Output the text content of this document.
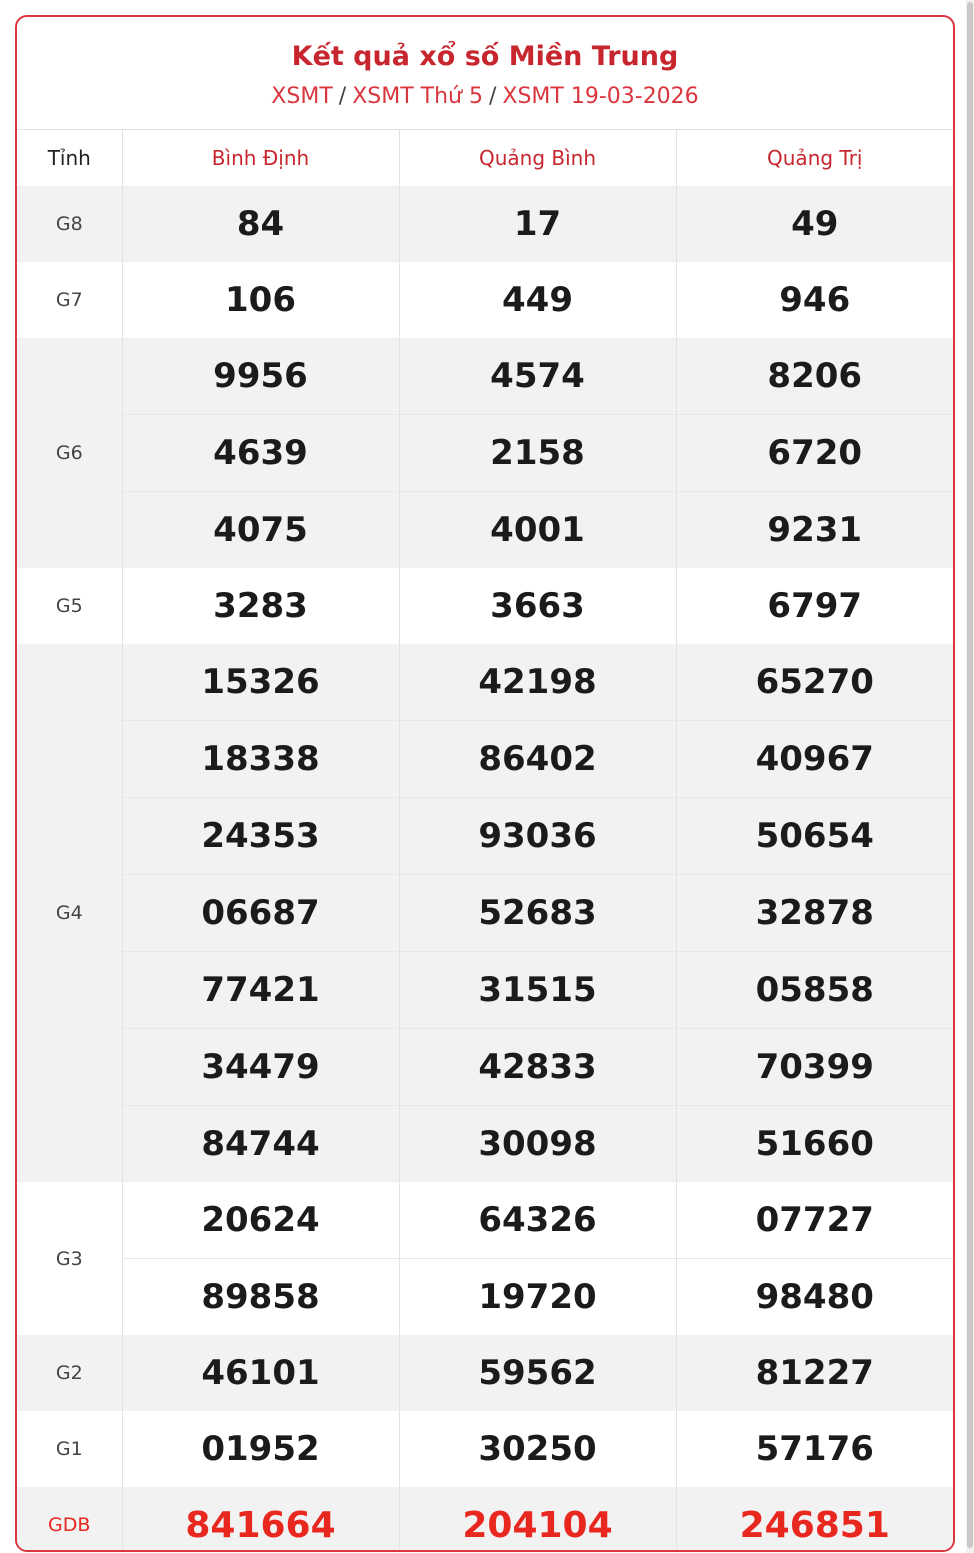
Kết quả xổ số Miền Trung
XSMT / XSMT Thứ 5 / XSMT 19-03-2026
Tỉnh	Bình Định	Quảng Bình	Quảng Trị
G8	84	17	49
G7	106	449	946
G6	9956	4574	8206
	4639	2158	6720
	4075	4001	9231
G5	3283	3663	6797
G4	15326	42198	65270
	18338	86402	40967
	24353	93036	50654
	06687	52683	32878
	77421	31515	05858
	34479	42833	70399
	84744	30098	51660
G3	20624	64326	07727
	89858	19720	98480
G2	46101	59562	81227
G1	01952	30250	57176
GDB	841664	204104	246851
